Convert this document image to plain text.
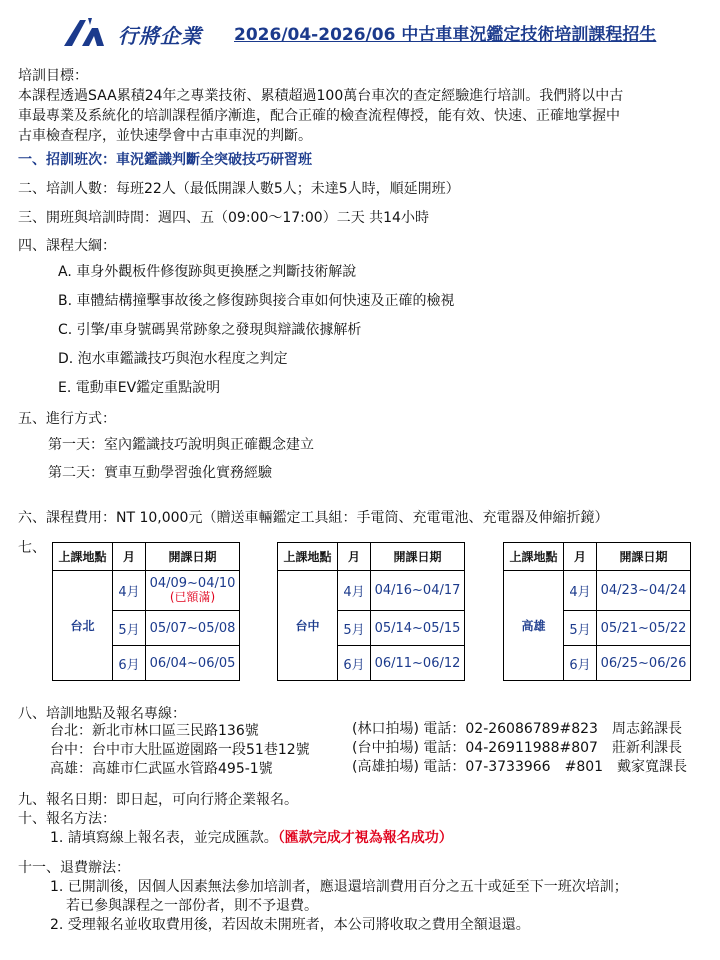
行將企業 2026/04-2026/06 中古車車況鑑定技術培訓課程招生
培訓目標：
本課程透過SAA累積24年之專業技術、累積超過100萬台車次的查定經驗進行培訓。我們將以中古
車最專業及系統化的培訓課程循序漸進，配合正確的檢查流程傳授，能有效、快速、正確地掌握中
古車檢查程序，並快速學會中古車車況的判斷。
一、招訓班次：車況鑑識判斷全突破技巧研習班
二、培訓人數：每班22人（最低開課人數5人；未達5人時，順延開班）
三、開班與培訓時間：週四、五（09:00～17:00）二天 共14小時
四、課程大綱：
A. 車身外觀板件修復跡與更換歷之判斷技術解說
B. 車體結構撞擊事故後之修復跡與接合車如何快速及正確的檢視
C. 引擎/車身號碼異常跡象之發現與辯識依據解析
D. 泡水車鑑識技巧與泡水程度之判定
E. 電動車EV鑑定重點說明
五、進行方式：
第一天：室內鑑識技巧說明與正確觀念建立
第二天：實車互動學習強化實務經驗
六、課程費用：NT 10,000元（贈送車輛鑑定工具組：手電筒、充電電池、充電器及伸縮折鏡）
七、
上課地點	月	開課日期
台北	4月	04/09~04/10
(已額滿)

	5月	05/07~05/08
	6月	06/04~06/05
上課地點	月	開課日期
台中	4月	04/16~04/17
	5月	05/14~05/15
	6月	06/11~06/12
上課地點	月	開課日期
高雄	4月	04/23~04/24
	5月	05/21~05/22
	6月	06/25~06/26
八、培訓地點及報名專線：
台北：新北市林口區三民路136號
台中：台中市大肚區遊園路一段51巷12號
高雄：高雄市仁武區水管路495-1號
(林口拍場) 電話：02-26086789#823　周志銘課長
(台中拍場) 電話：04-26911988#807　莊新利課長
(高雄拍場) 電話：07-3733966　#801　戴家寬課長
九、報名日期：即日起，可向行將企業報名。
十、報名方法：
1. 請填寫線上報名表，並完成匯款。（匯款完成才視為報名成功）
十一、退費辦法：
1. 已開訓後，因個人因素無法參加培訓者，應退還培訓費用百分之五十或延至下一班次培訓；
若已參與課程之一部份者，則不予退費。
2. 受理報名並收取費用後，若因故未開班者，本公司將收取之費用全額退還。
